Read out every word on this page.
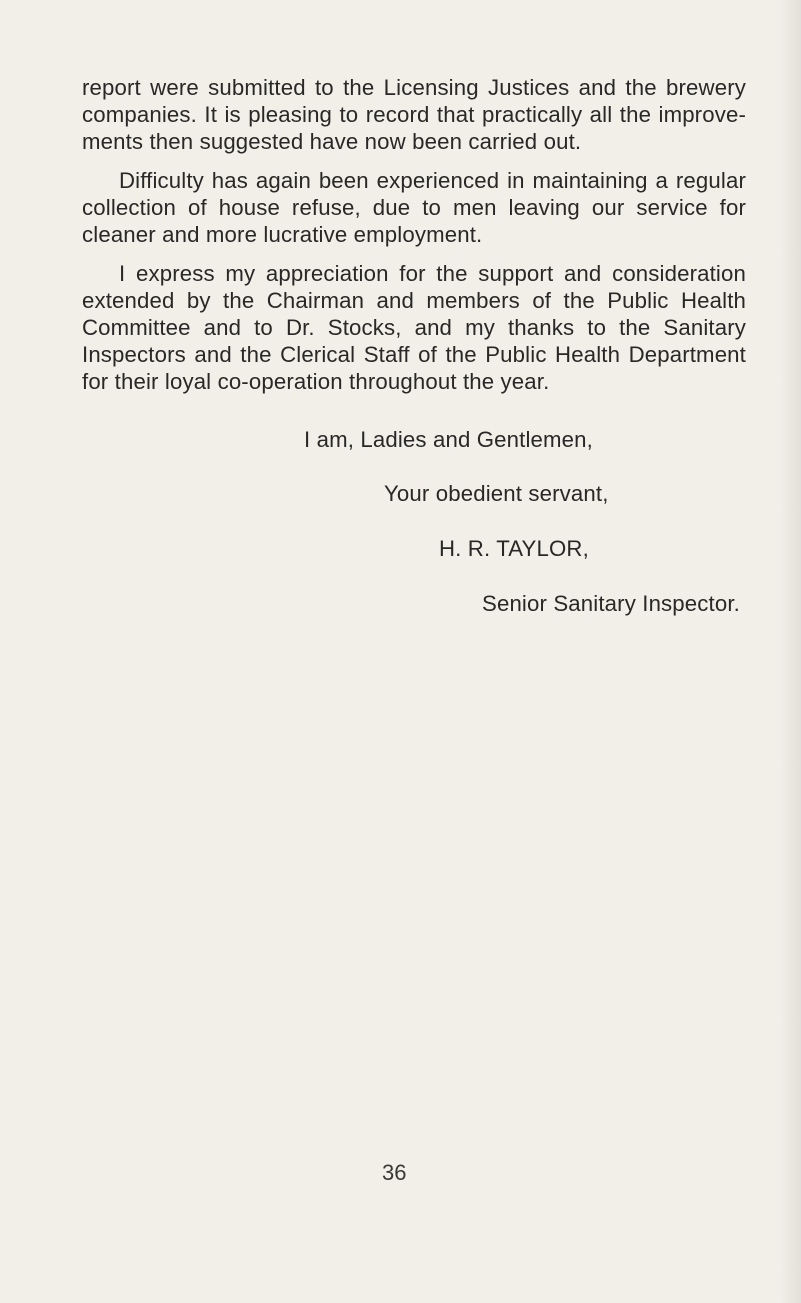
report were submitted to the Licensing Justices and the brewery companies. It is pleasing to record that practically all the improve-ments then suggested have now been carried out.

Difficulty has again been experienced in maintaining a regular collection of house refuse, due to men leaving our service for cleaner and more lucrative employment.

I express my appreciation for the support and consideration extended by the Chairman and members of the Public Health Committee and to Dr. Stocks, and my thanks to the Sanitary Inspectors and the Clerical Staff of the Public Health Department for their loyal co-operation throughout the year.

I am, Ladies and Gentlemen,
Your obedient servant,
H. R. TAYLOR,
Senior Sanitary Inspector.
36
